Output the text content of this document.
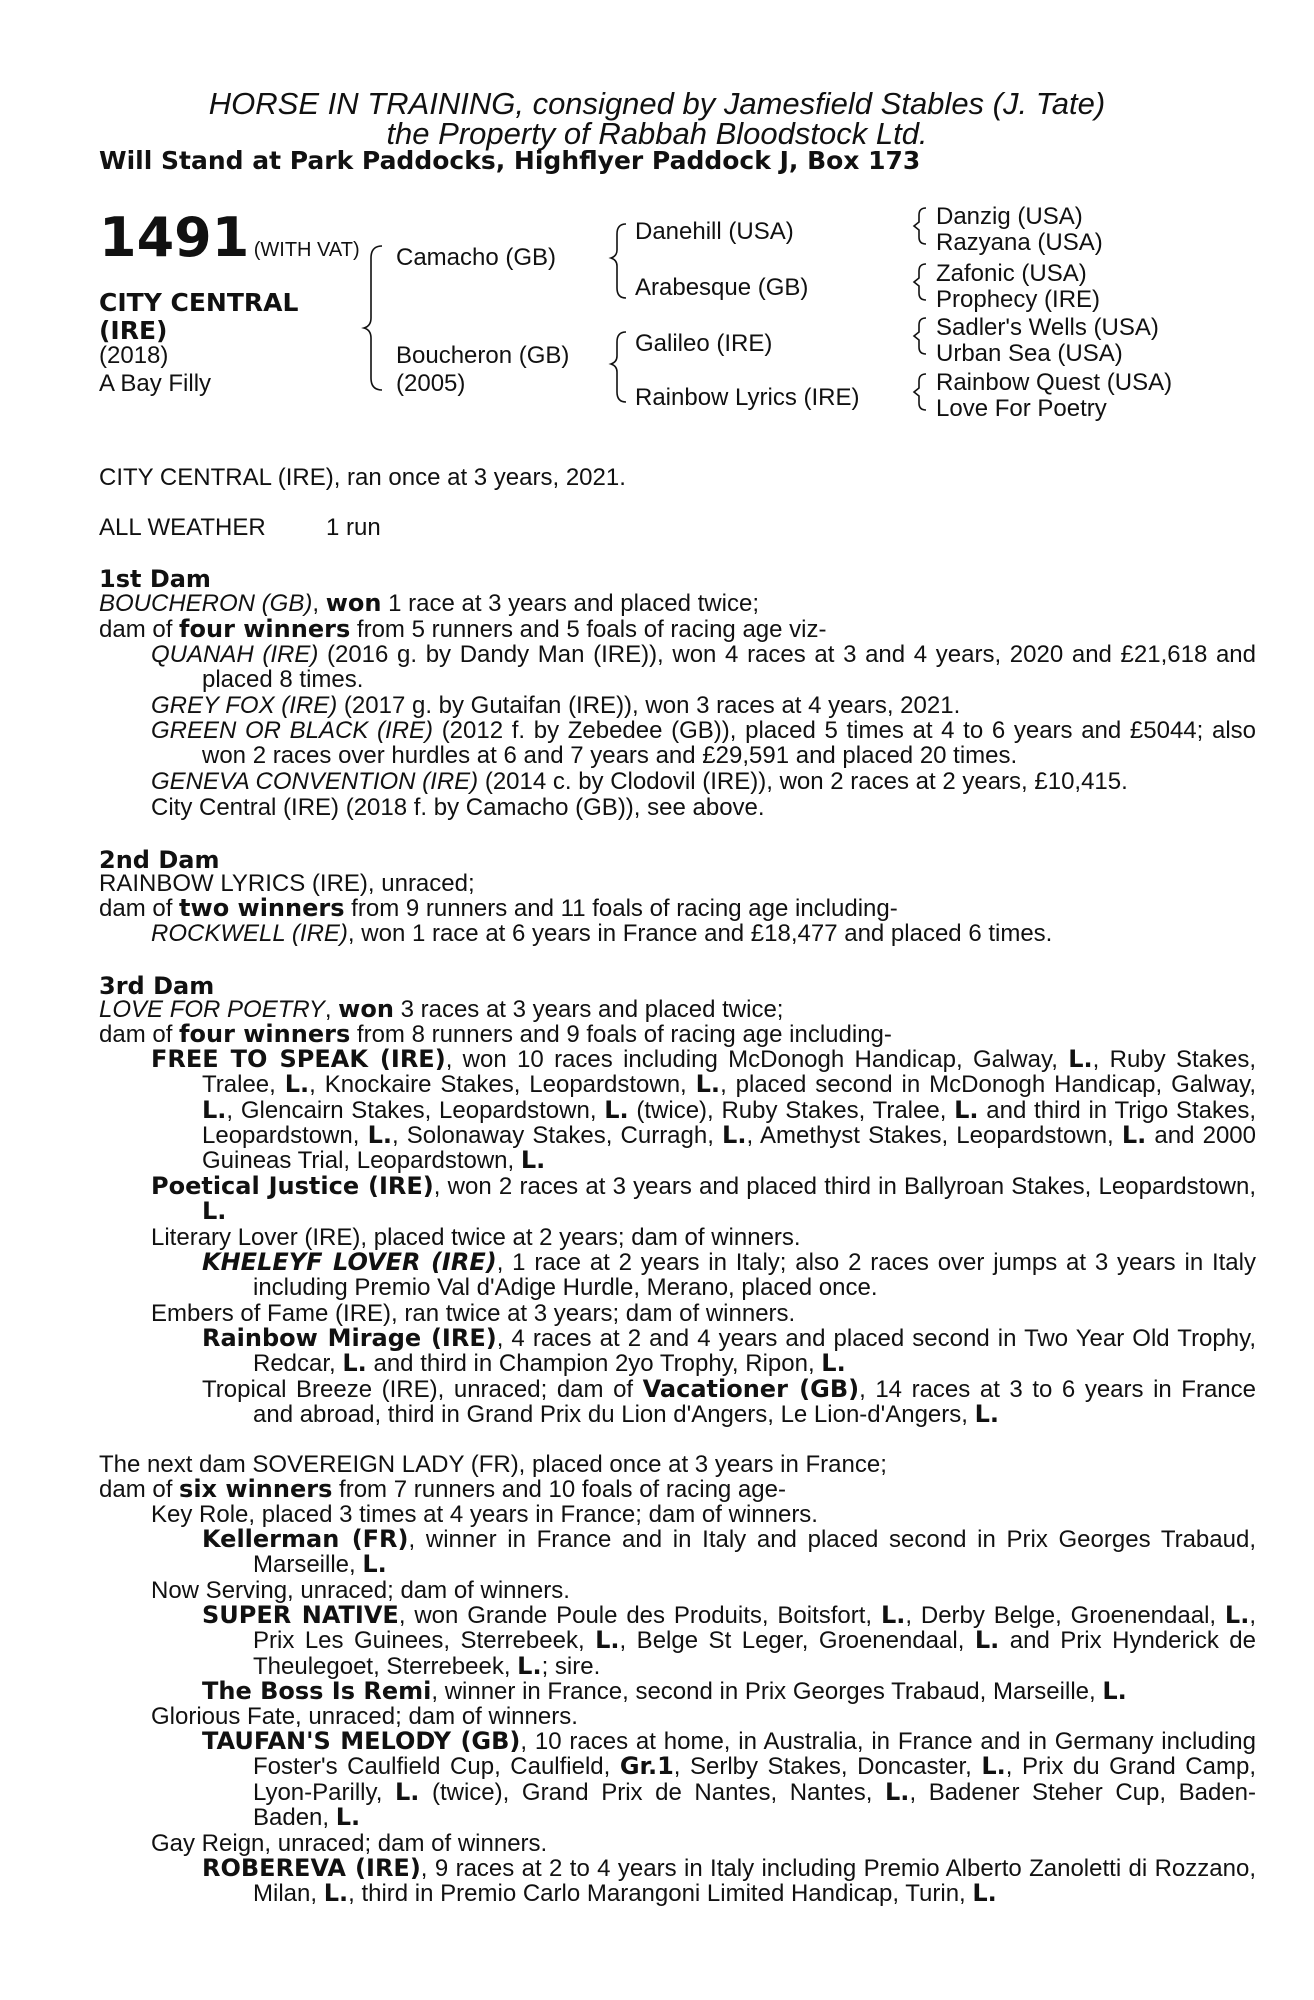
HORSE IN TRAINING, consigned by Jamesfield Stables (J. Tate)
the Property of Rabbah Bloodstock Ltd.
Will Stand at Park Paddocks, Highflyer Paddock J, Box 173
1491 (WITH VAT)
CITY CENTRAL
(IRE)
(2018)
A Bay Filly
Camacho (GB)
Boucheron (GB)
(2005)
Danehill (USA)
Arabesque (GB)
Galileo (IRE)
Rainbow Lyrics (IRE)
Danzig (USA)
Razyana (USA)
Zafonic (USA)
Prophecy (IRE)
Sadler's Wells (USA)
Urban Sea (USA)
Rainbow Quest (USA)
Love For Poetry
CITY CENTRAL (IRE), ran once at 3 years, 2021.
ALL WEATHER	1 run
1st Dam
BOUCHERON (GB), won 1 race at 3 years and placed twice;
dam of four winners from 5 runners and 5 foals of racing age viz-
QUANAH (IRE) (2016 g. by Dandy Man (IRE)), won 4 races at 3 and 4 years, 2020 and £21,618 and placed 8 times.
GREY FOX (IRE) (2017 g. by Gutaifan (IRE)), won 3 races at 4 years, 2021.
GREEN OR BLACK (IRE) (2012 f. by Zebedee (GB)), placed 5 times at 4 to 6 years and £5044; also won 2 races over hurdles at 6 and 7 years and £29,591 and placed 20 times.
GENEVA CONVENTION (IRE) (2014 c. by Clodovil (IRE)), won 2 races at 2 years, £10,415.
City Central (IRE) (2018 f. by Camacho (GB)), see above.
2nd Dam
RAINBOW LYRICS (IRE), unraced;
dam of two winners from 9 runners and 11 foals of racing age including-
ROCKWELL (IRE), won 1 race at 6 years in France and £18,477 and placed 6 times.
3rd Dam
LOVE FOR POETRY, won 3 races at 3 years and placed twice;
dam of four winners from 8 runners and 9 foals of racing age including-
FREE TO SPEAK (IRE), won 10 races including McDonogh Handicap, Galway, L., Ruby Stakes, Tralee, L., Knockaire Stakes, Leopardstown, L., placed second in McDonogh Handicap, Galway, L., Glencairn Stakes, Leopardstown, L. (twice), Ruby Stakes, Tralee, L. and third in Trigo Stakes, Leopardstown, L., Solonaway Stakes, Curragh, L., Amethyst Stakes, Leopardstown, L. and 2000 Guineas Trial, Leopardstown, L.
Poetical Justice (IRE), won 2 races at 3 years and placed third in Ballyroan Stakes, Leopardstown, L.
Literary Lover (IRE), placed twice at 2 years; dam of winners.
KHELEYF LOVER (IRE), 1 race at 2 years in Italy; also 2 races over jumps at 3 years in Italy including Premio Val d'Adige Hurdle, Merano, placed once.
Embers of Fame (IRE), ran twice at 3 years; dam of winners.
Rainbow Mirage (IRE), 4 races at 2 and 4 years and placed second in Two Year Old Trophy, Redcar, L. and third in Champion 2yo Trophy, Ripon, L.
Tropical Breeze (IRE), unraced; dam of Vacationer (GB), 14 races at 3 to 6 years in France and abroad, third in Grand Prix du Lion d'Angers, Le Lion-d'Angers, L.
The next dam SOVEREIGN LADY (FR), placed once at 3 years in France;
dam of six winners from 7 runners and 10 foals of racing age-
Key Role, placed 3 times at 4 years in France; dam of winners.
Kellerman (FR), winner in France and in Italy and placed second in Prix Georges Trabaud, Marseille, L.
Now Serving, unraced; dam of winners.
SUPER NATIVE, won Grande Poule des Produits, Boitsfort, L., Derby Belge, Groenendaal, L., Prix Les Guinees, Sterrebeek, L., Belge St Leger, Groenendaal, L. and Prix Hynderick de Theulegoet, Sterrebeek, L.; sire.
The Boss Is Remi, winner in France, second in Prix Georges Trabaud, Marseille, L.
Glorious Fate, unraced; dam of winners.
TAUFAN'S MELODY (GB), 10 races at home, in Australia, in France and in Germany including Foster's Caulfield Cup, Caulfield, Gr.1, Serlby Stakes, Doncaster, L., Prix du Grand Camp, Lyon-Parilly, L. (twice), Grand Prix de Nantes, Nantes, L., Badener Steher Cup, Baden-Baden, L.
Gay Reign, unraced; dam of winners.
ROBEREVA (IRE), 9 races at 2 to 4 years in Italy including Premio Alberto Zanoletti di Rozzano, Milan, L., third in Premio Carlo Marangoni Limited Handicap, Turin, L.
